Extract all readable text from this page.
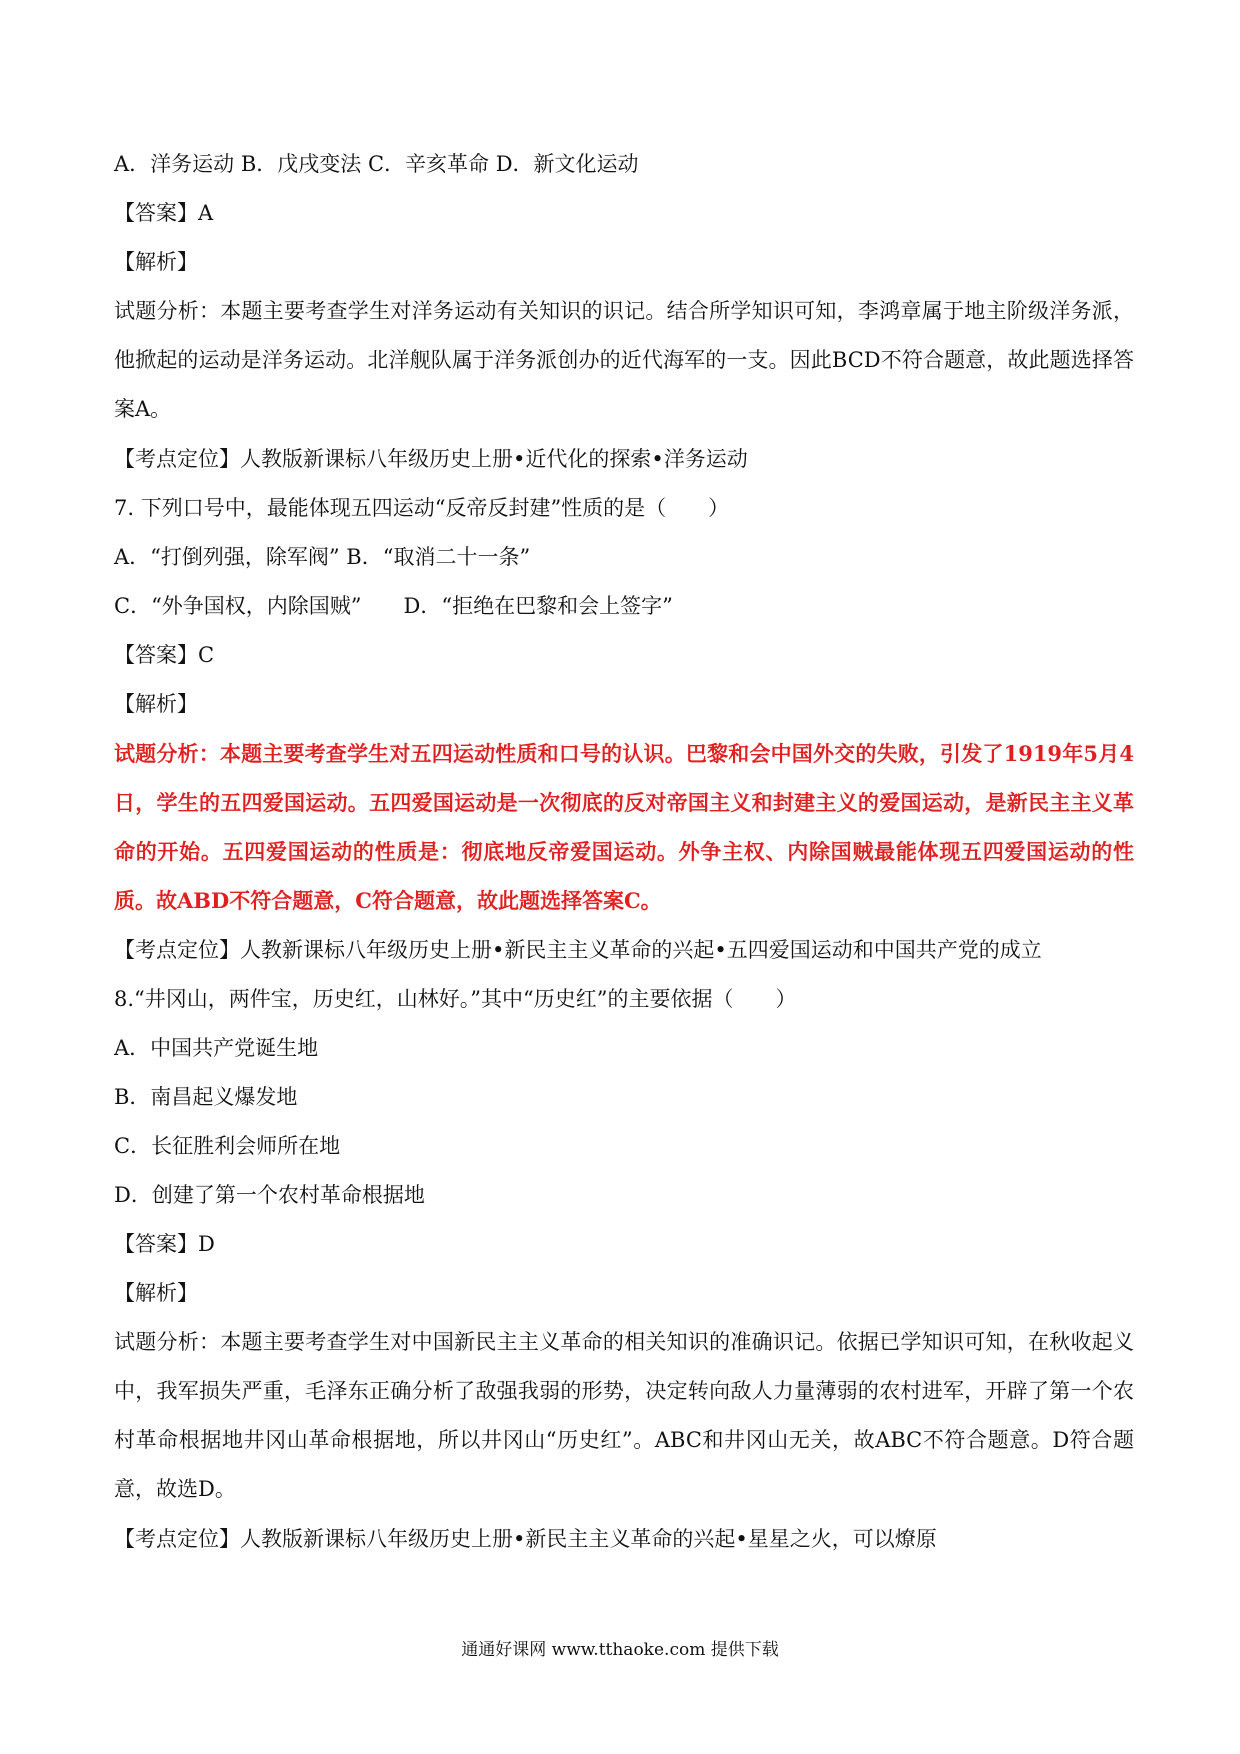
A．洋务运动 B．戊戌变法 C．辛亥革命 D．新文化运动
【答案】A
【解析】
试题分析：本题主要考查学生对洋务运动有关知识的识记。结合所学知识可知，李鸿章属于地主阶级洋务派，他掀起的运动是洋务运动。北洋舰队属于洋务派创办的近代海军的一支。因此BCD不符合题意，故此题选择答案A。
【考点定位】人教版新课标八年级历史上册•近代化的探索•洋务运动
7. 下列口号中，最能体现五四运动“反帝反封建”性质的是（　　）
A．“打倒列强，除军阀” B．“取消二十一条”
C．“外争国权，内除国贼”　　D．“拒绝在巴黎和会上签字”
【答案】C
【解析】
试题分析：本题主要考查学生对五四运动性质和口号的认识。巴黎和会中国外交的失败，引发了1919年5月4日，学生的五四爱国运动。五四爱国运动是一次彻底的反对帝国主义和封建主义的爱国运动，是新民主主义革命的开始。五四爱国运动的性质是：彻底地反帝爱国运动。外争主权、内除国贼最能体现五四爱国运动的性质。故ABD不符合题意，C符合题意，故此题选择答案C。
【考点定位】人教新课标八年级历史上册•新民主主义革命的兴起•五四爱国运动和中国共产党的成立
8.“井冈山，两件宝，历史红，山林好。”其中“历史红”的主要依据（　　）
A．中国共产党诞生地
B．南昌起义爆发地
C．长征胜利会师所在地
D．创建了第一个农村革命根据地
【答案】D
【解析】
试题分析：本题主要考查学生对中国新民主主义革命的相关知识的准确识记。依据已学知识可知，在秋收起义中，我军损失严重，毛泽东正确分析了敌强我弱的形势，决定转向敌人力量薄弱的农村进军，开辟了第一个农村革命根据地井冈山革命根据地，所以井冈山“历史红”。ABC和井冈山无关，故ABC不符合题意。D符合题意，故选D。
【考点定位】人教版新课标八年级历史上册•新民主主义革命的兴起•星星之火，可以燎原
通通好课网 www.tthaoke.com 提供下载
